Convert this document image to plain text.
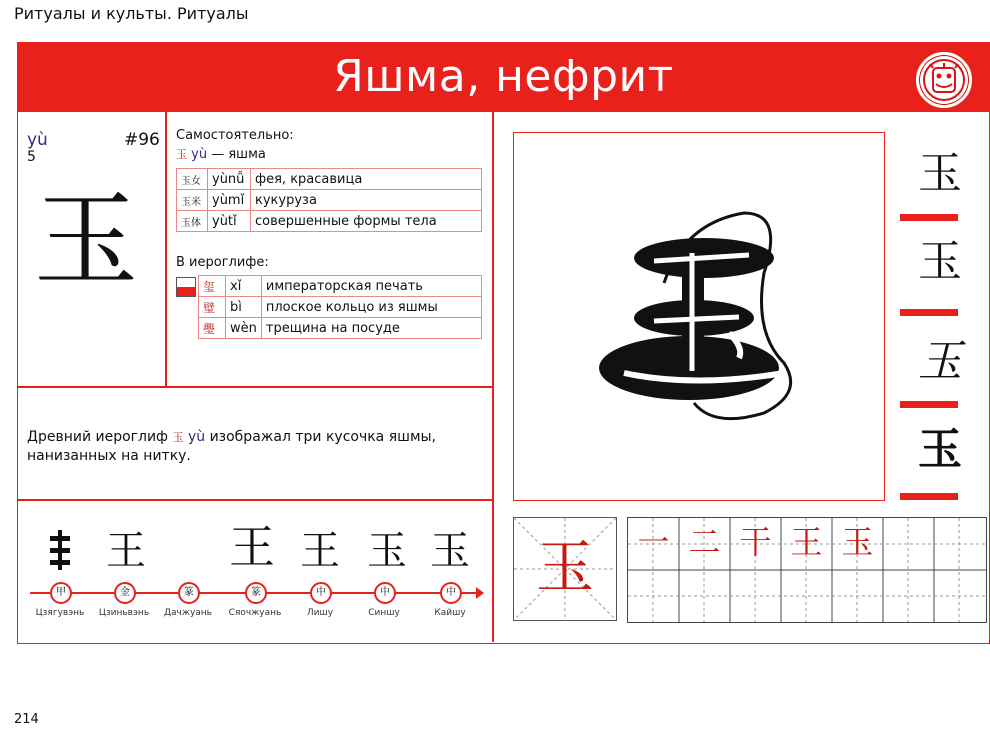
Ритуалы и культы. Ритуалы
214
Яшма, нефрит
yù
5
#96
玉
Самостоятельно:
玉 yù — яшма
玉女	yùnǚ	фея, красавица
玉米	yùmǐ	кукуруза
玉体	yùtǐ	совершенные формы тела
В иероглифе:
玺	xǐ	императорская печать
璧	bì	плоское кольцо из яшмы
璺	wèn	трещина на посуде
Древний иероглиф 玉 yù изображал три кусочка яшмы, нанизанных на нитку.
王 王 王 玉 玉
甲	金	篆	篆	中	中	中
Цзягувэнь	Цзиньвэнь	Дачжуань	Сяочжуань	Лишу	Синшу	Кайшу
玉
玉
玉
玉
玉	一 二 干 王 玉
